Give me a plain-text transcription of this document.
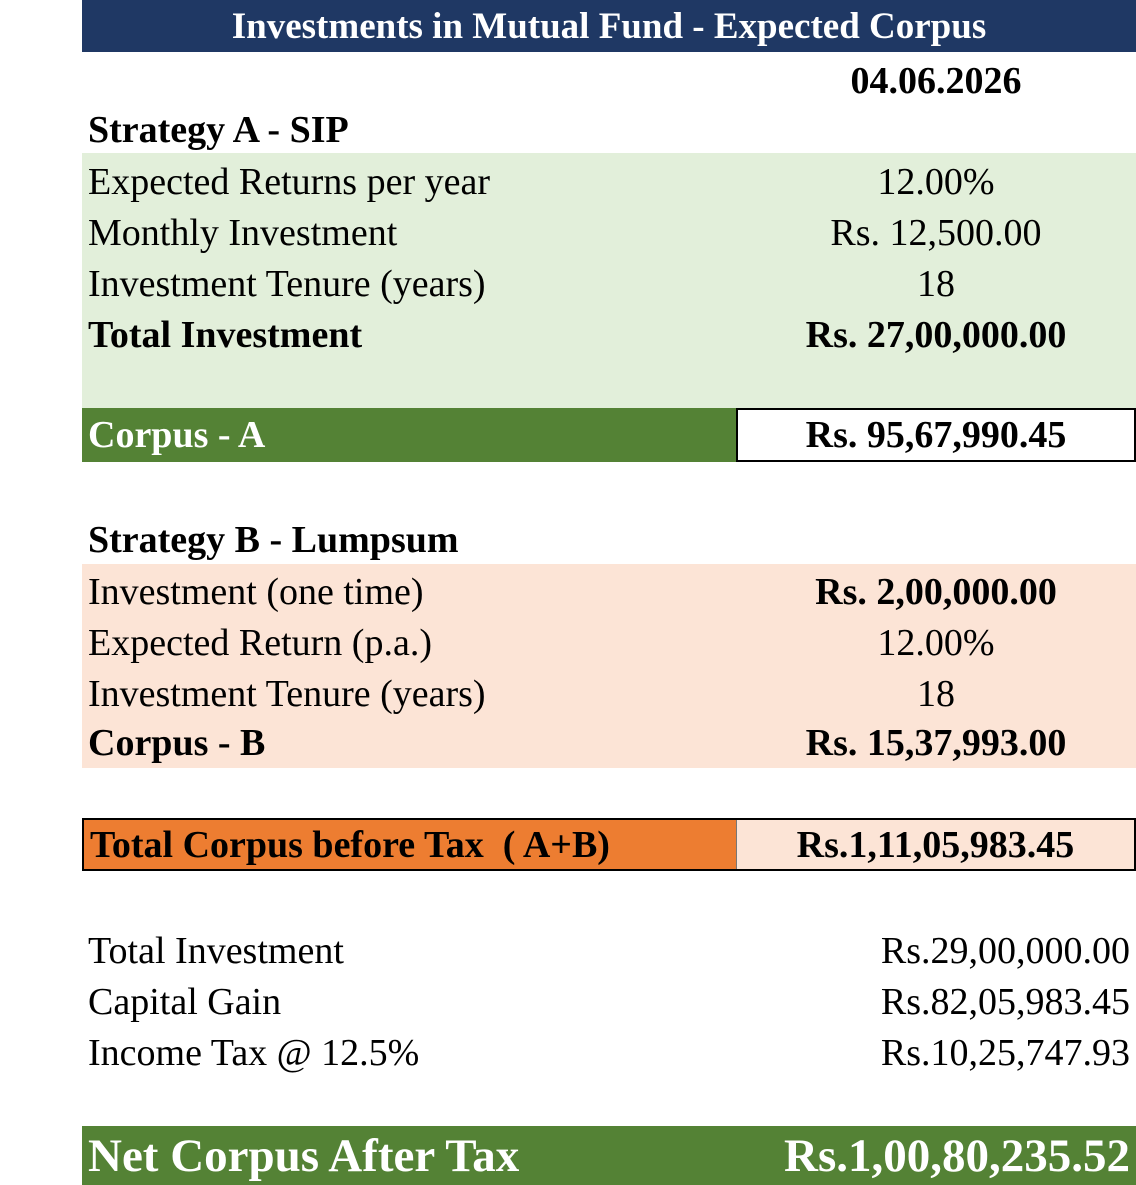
Investments in Mutual Fund - Expected Corpus
04.06.2026
Strategy A - SIP
Expected Returns per year	12.00%
Monthly Investment	Rs. 12,500.00
Investment Tenure (years)	18
Total Investment	Rs. 27,00,000.00
Corpus - A	Rs. 95,67,990.45
Strategy B - Lumpsum
Investment (one time)	Rs. 2,00,000.00
Expected Return (p.a.)	12.00%
Investment Tenure (years)	18
Corpus - B	Rs. 15,37,993.00
Total Corpus before Tax  ( A+B)	Rs.1,11,05,983.45
Total Investment	Rs.29,00,000.00
Capital Gain	Rs.82,05,983.45
Income Tax @ 12.5%	Rs.10,25,747.93
Net Corpus After Tax	Rs.1,00,80,235.52
